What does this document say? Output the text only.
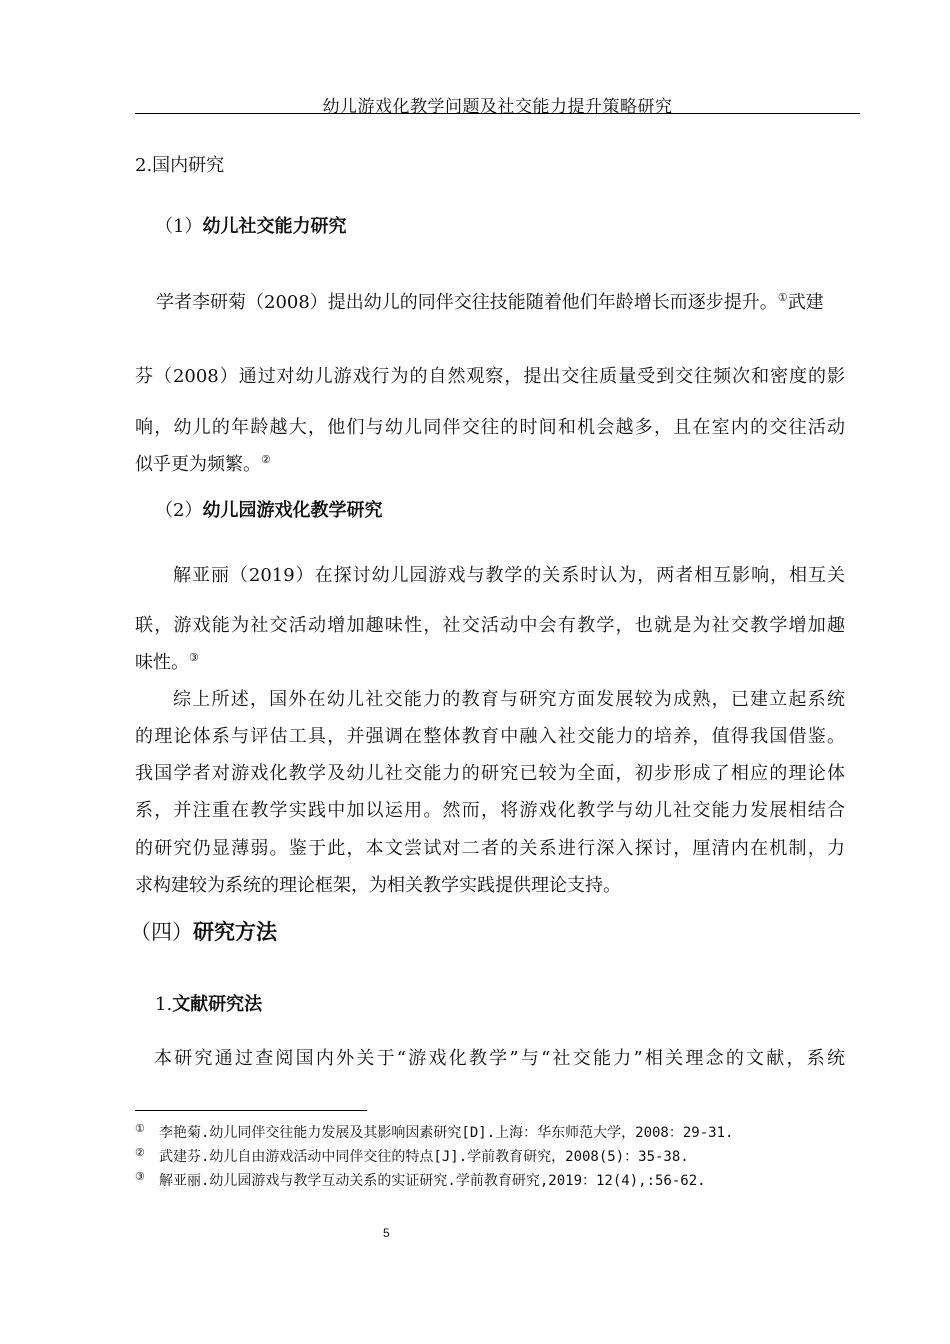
幼儿游戏化教学问题及社交能力提升策略研究
2.国内研究
（1）幼儿社交能力研究
学者李研菊（2008）提出幼儿的同伴交往技能随着他们年龄增长而逐步提升。①武建
芬（2008）通过对幼儿游戏行为的自然观察，提出交往质量受到交往频次和密度的影
响，幼儿的年龄越大，他们与幼儿同伴交往的时间和机会越多，且在室内的交往活动
似乎更为频繁。②
（2）幼儿园游戏化教学研究
解亚丽（2019）在探讨幼儿园游戏与教学的关系时认为，两者相互影响，相互关
联，游戏能为社交活动增加趣味性，社交活动中会有教学，也就是为社交教学增加趣
味性。③
综上所述，国外在幼儿社交能力的教育与研究方面发展较为成熟，已建立起系统
的理论体系与评估工具，并强调在整体教育中融入社交能力的培养，值得我国借鉴。
我国学者对游戏化教学及幼儿社交能力的研究已较为全面，初步形成了相应的理论体
系，并注重在教学实践中加以运用。然而，将游戏化教学与幼儿社交能力发展相结合
的研究仍显薄弱。鉴于此，本文尝试对二者的关系进行深入探讨，厘清内在机制，力
求构建较为系统的理论框架，为相关教学实践提供理论支持。
（四）研究方法
1.文献研究法
本研究通过查阅国内外关于“游戏化教学”与“社交能力”相关理念的文献，系统
① 李艳菊.幼儿同伴交往能力发展及其影响因素研究[D].上海：华东师范大学，2008：29-31.
② 武建芬.幼儿自由游戏活动中同伴交往的特点[J].学前教育研究，2008(5)：35-38.
③ 解亚丽.幼儿园游戏与教学互动关系的实证研究.学前教育研究,2019：12(4),:56-62.
5
